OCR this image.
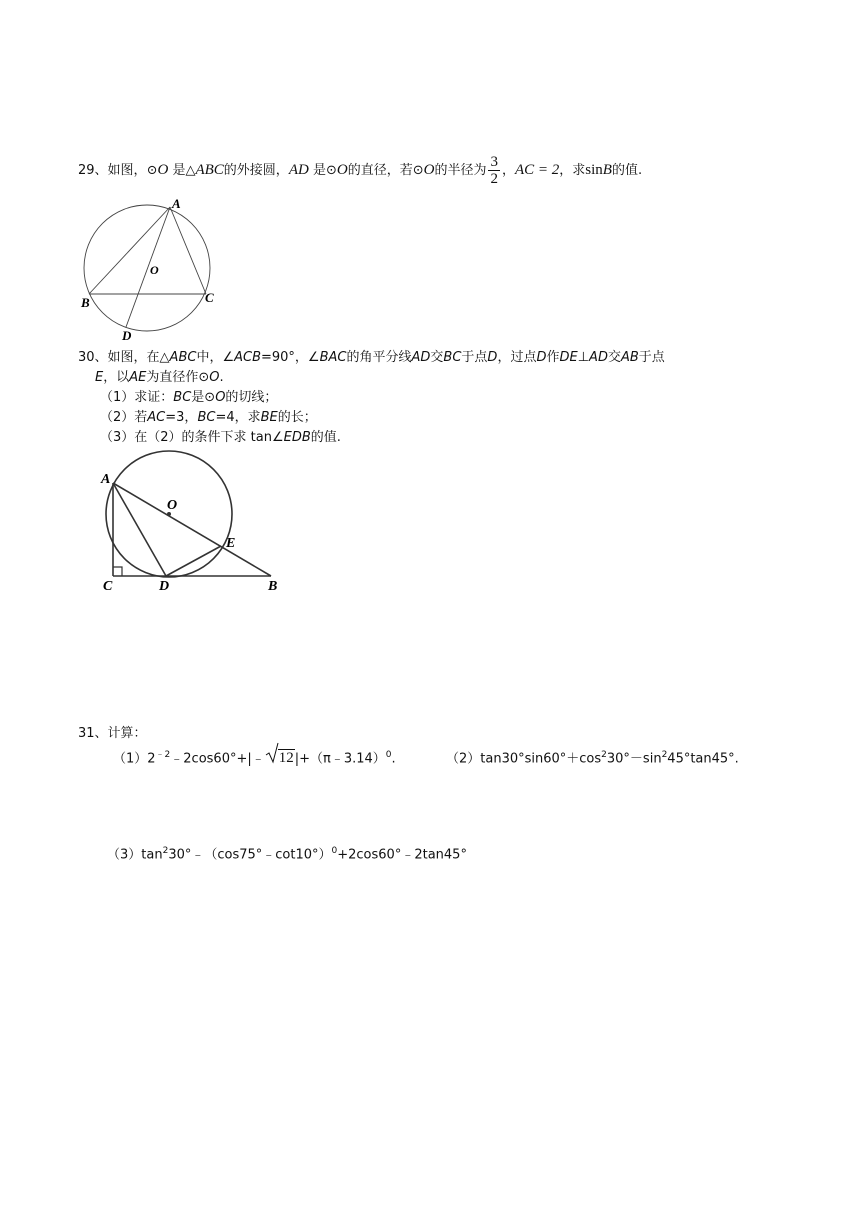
29、如图，⊙O 是△ABC的外接圆，AD 是⊙O的直径，若⊙O的半径为 $\frac{3}{2}$ ，AC = 2，求sinB的值.
A
O
B	C
D
30、如图，在△ABC中，∠ACB=90°，∠BAC的角平分线AD交BC于点D，过点D作DE⊥AD交AB于点
E，以AE为直径作⊙O.
（1）求证：BC是⊙O的切线；
（2）若AC=3，BC=4，求BE的长；
（3）在（2）的条件下求 tan∠EDB的值.
A
O
E
C	D	B
31、计算：
$(1)2^{﹣2}﹣2\cos 60^\circ+|﹣$ 12|+（π﹣3.14）$^0$.	$(2)\tan 30^\circ\sin 60^\circ+\cos^230^\circ-\sin^245^\circ\tan 45^\circ$.
$(3)\tan^230^\circ﹣(\cos 75^\circ﹣\cot 10^\circ)^0+2\cos 60^\circ﹣2\tan 45^\circ$
